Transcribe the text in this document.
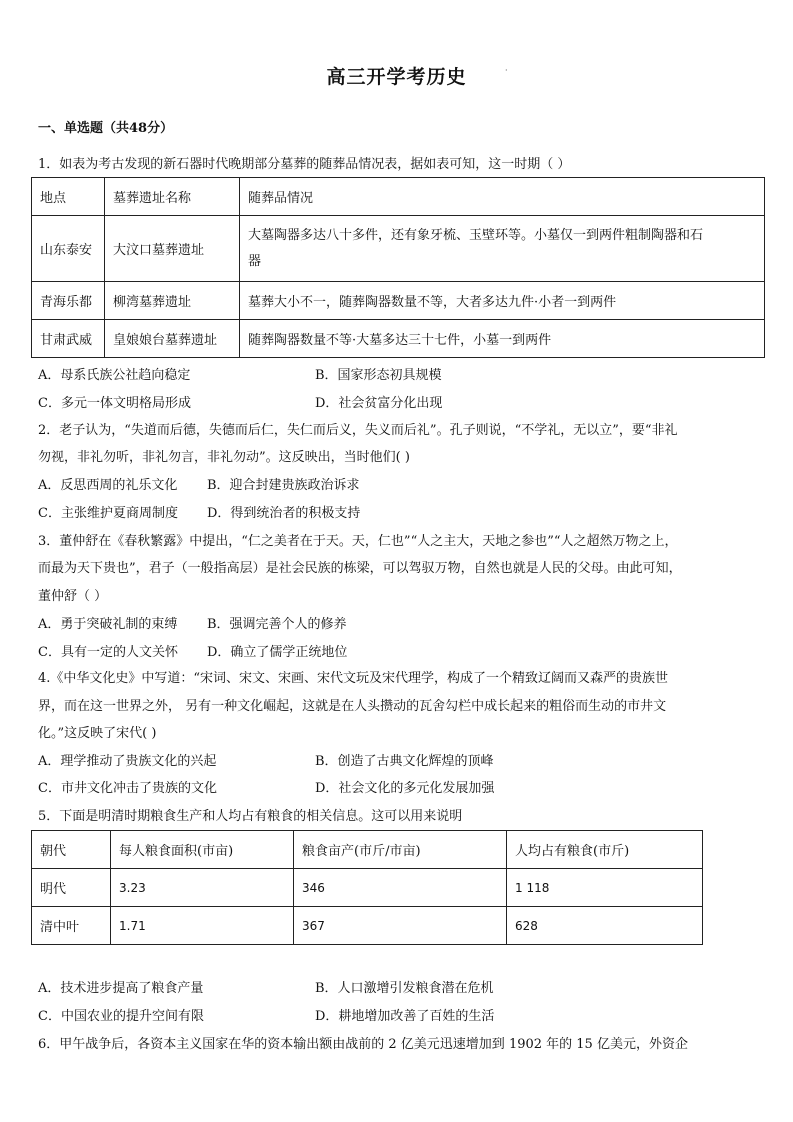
高三开学考历史	·
一、单选题（共48分）
1．如表为考古发现的新石器时代晚期部分墓葬的随葬品情况表，据如表可知，这一时期（ ）
地点	墓葬遗址名称	随葬品情况
山东泰安	大汶口墓葬遗址	大墓陶器多达八十多件，还有象牙梳、玉壁环等。小墓仅一到两件粗制陶器和石
器

青海乐都	柳湾墓葬遗址	墓葬大小不一，随葬陶器数量不等，大者多达九件·小者一到两件
甘肃武威	皇娘娘台墓葬遗址	随葬陶器数量不等·大墓多达三十七件，小墓一到两件
A．母系氏族公社趋向稳定	B．国家形态初具规模
C．多元一体文明格局形成	D．社会贫富分化出现
2．老子认为，“失道而后德，失德而后仁，失仁而后义，失义而后礼”。孔子则说，“不学礼，无以立”，要“非礼
勿视，非礼勿听，非礼勿言，非礼勿动”。这反映出，当时他们( )
A．反思西周的礼乐文化 B．迎合封建贵族政治诉求
C．主张维护夏商周制度 D．得到统治者的积极支持
3．董仲舒在《春秋繁露》中提出，“仁之美者在于天。天，仁也”“人之主大，天地之参也”“人之超然万物之上，
而最为天下贵也”，君子（一般指高层）是社会民族的栋梁，可以驾驭万物，自然也就是人民的父母。由此可知，
董仲舒（ ）
A．勇于突破礼制的束缚 B．强调完善个人的修养
C．具有一定的人文关怀 D．确立了儒学正统地位
4.《中华文化史》中写道：“宋词、宋文、宋画、宋代文玩及宋代理学，构成了一个精致辽阔而又森严的贵族世
界，而在这一世界之外， 另有一种文化崛起，这就是在人头攒动的瓦舍勾栏中成长起来的粗俗而生动的市井文
化。”这反映了宋代( )
A．理学推动了贵族文化的兴起	B．创造了古典文化辉煌的顶峰
C．市井文化冲击了贵族的文化	D．社会文化的多元化发展加强
5．下面是明清时期粮食生产和人均占有粮食的相关信息。这可以用来说明
朝代	每人粮食面积(市亩)	粮食亩产(市斤/市亩)	人均占有粮食(市斤)
明代	3.23	346	1 118
清中叶	1.71	367	628
A．技术进步提高了粮食产量	B．人口激增引发粮食潜在危机
C．中国农业的提升空间有限	D．耕地增加改善了百姓的生活
6．甲午战争后，各资本主义国家在华的资本输出额由战前的 2 亿美元迅速增加到 1902 年的 15 亿美元，外资企
